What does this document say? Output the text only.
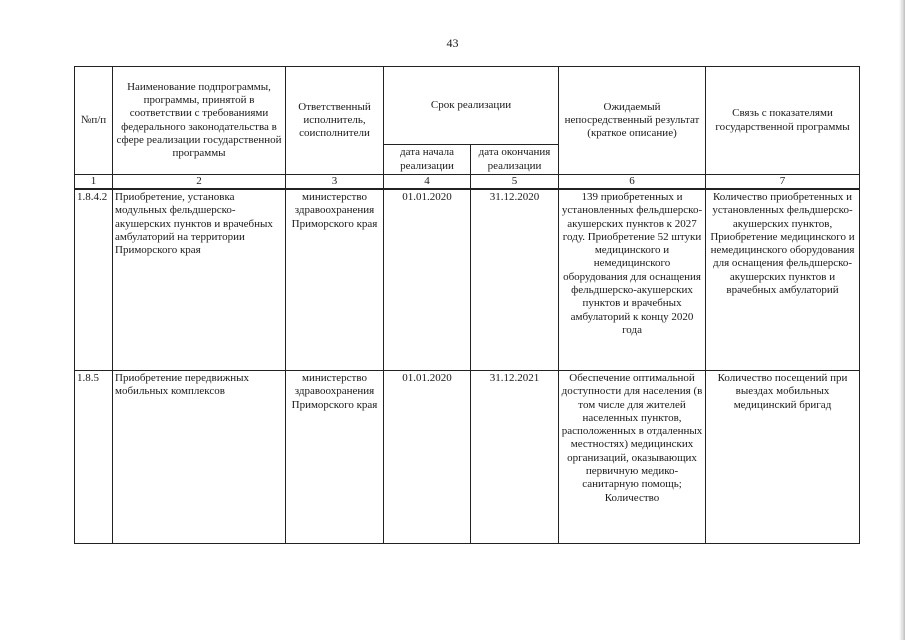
43
№п/п	Наименование подпрограммы, программы, принятой в соответствии с требованиями федерального законодательства в сфере реализации государственной программы	Ответственный исполнитель, соисполнители	Срок реализации		Ожидаемый непосредственный результат (краткое описание)	Связь с показателями государственной программы
			дата начала реализации	дата окончания реализации		
1	2	3	4	5	6	7
1.8.4.2	Приобретение, установка модульных фельдшерско-акушерских пунктов и врачебных амбулаторий на территории Приморского края	министерство здравоохранения Приморского края	01.01.2020	31.12.2020	139 приобретенных и установленных фельдшерско-акушерских пунктов к 2027 году. Приобретение 52 штуки медицинского и немедицинского оборудования для оснащения фельдшерско-акушерских пунктов и врачебных амбулаторий к концу 2020 года	Количество приобретенных и установленных фельдшерско-акушерских пунктов, Приобретение медицинского и немедицинского оборудования для оснащения фельдшерско-акушерских пунктов и врачебных амбулаторий
1.8.5	Приобретение передвижных мобильных комплексов	министерство здравоохранения Приморского края	01.01.2020	31.12.2021	Обеспечение оптимальной доступности для населения (в том числе для жителей населенных пунктов, расположенных в отдаленных местностях) медицинских организаций, оказывающих первичную медико-санитарную помощь; Количество	Количество посещений при выездах мобильных медицинский бригад
